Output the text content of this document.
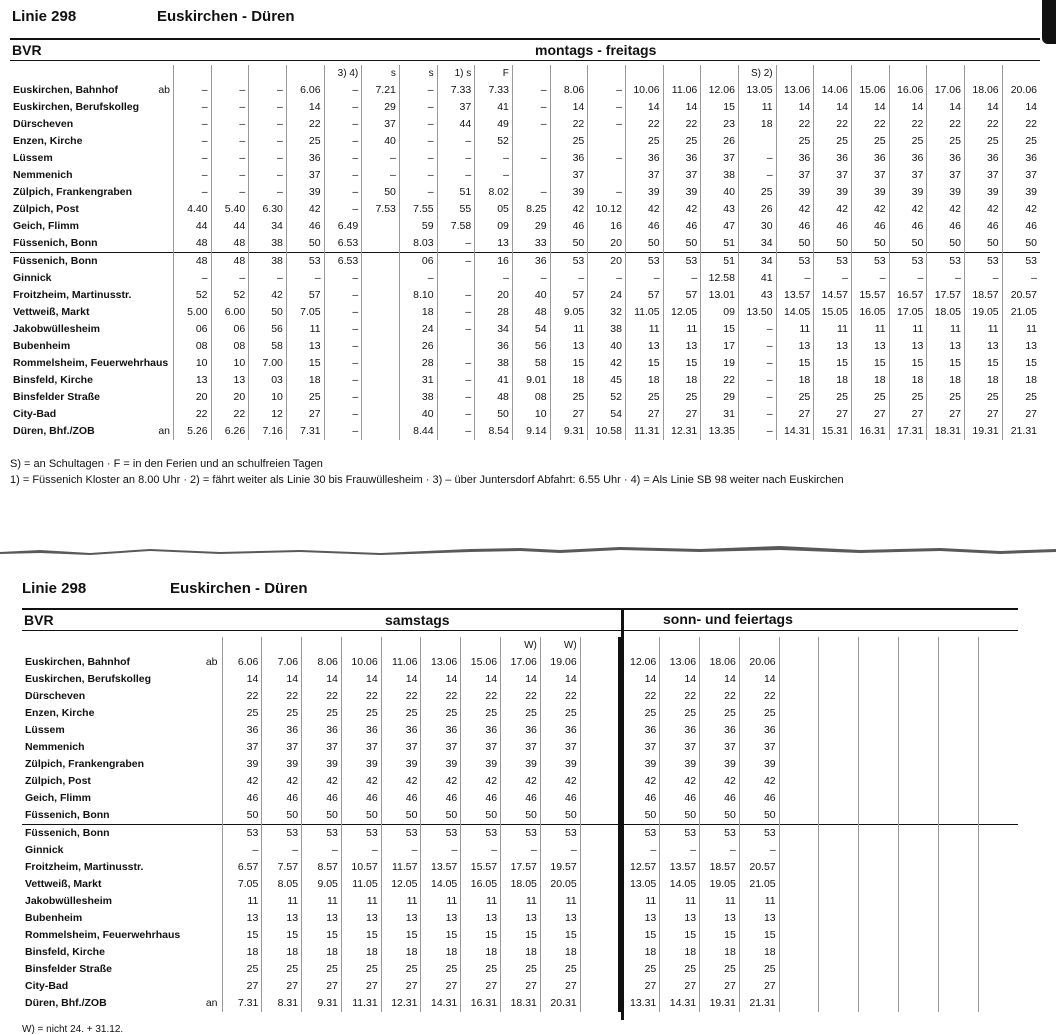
Linie 298	Euskirchen - Düren
BVR	montags - freitags
						3) 4)	s	s	1) s	F							S) 2)							
Euskirchen, Bahnhof	ab	–	–	–	6.06	–	7.21	–	7.33	7.33	–	8.06	–	10.06	11.06	12.06	13.05	13.06	14.06	15.06	16.06	17.06	18.06	20.06
Euskirchen, Berufskolleg		–	–	–	14	–	29	–	37	41	–	14	–	14	14	15	11	14	14	14	14	14	14	14
Dürscheven		–	–	–	22	–	37	–	44	49	–	22	–	22	22	23	18	22	22	22	22	22	22	22
Enzen, Kirche		–	–	–	25	–	40	–	–	52		25		25	25	26		25	25	25	25	25	25	25
Lüssem		–	–	–	36	–	–	–	–	–	–	36	–	36	36	37	–	36	36	36	36	36	36	36
Nemmenich		–	–	–	37	–	–	–	–	–		37		37	37	38	–	37	37	37	37	37	37	37
Zülpich, Frankengraben		–	–	–	39	–	50	–	51	8.02	–	39	–	39	39	40	25	39	39	39	39	39	39	39
Zülpich, Post		4.40	5.40	6.30	42	–	7.53	7.55	55	05	8.25	42	10.12	42	42	43	26	42	42	42	42	42	42	42
Geich, Flimm		44	44	34	46	6.49		59	7.58	09	29	46	16	46	46	47	30	46	46	46	46	46	46	46
Füssenich, Bonn		48	48	38	50	6.53		8.03	–	13	33	50	20	50	50	51	34	50	50	50	50	50	50	50
Füssenich, Bonn		48	48	38	53	6.53		06	–	16	36	53	20	53	53	51	34	53	53	53	53	53	53	53
Ginnick		–	–	–	–	–		–		–	–	–	–	–	–	12.58	41	–	–	–	–	–	–	–
Froitzheim, Martinusstr.		52	52	42	57	–		8.10	–	20	40	57	24	57	57	13.01	43	13.57	14.57	15.57	16.57	17.57	18.57	20.57
Vettweiß, Markt		5.00	6.00	50	7.05	–		18	–	28	48	9.05	32	11.05	12.05	09	13.50	14.05	15.05	16.05	17.05	18.05	19.05	21.05
Jakobwüllesheim		06	06	56	11	–		24	–	34	54	11	38	11	11	15	–	11	11	11	11	11	11	11
Bubenheim		08	08	58	13	–		26		36	56	13	40	13	13	17	–	13	13	13	13	13	13	13
Rommelsheim, Feuerwehrhaus		10	10	7.00	15	–		28	–	38	58	15	42	15	15	19	–	15	15	15	15	15	15	15
Binsfeld, Kirche		13	13	03	18	–		31	–	41	9.01	18	45	18	18	22	–	18	18	18	18	18	18	18
Binsfelder Straße		20	20	10	25	–		38	–	48	08	25	52	25	25	29	–	25	25	25	25	25	25	25
City-Bad		22	22	12	27	–		40	–	50	10	27	54	27	27	31	–	27	27	27	27	27	27	27
Düren, Bhf./ZOB	an	5.26	6.26	7.16	7.31	–		8.44	–	8.54	9.14	9.31	10.58	11.31	12.31	13.35	–	14.31	15.31	16.31	17.31	18.31	19.31	21.31
S) = an Schultagen · F = in den Ferien und an schulfreien Tagen
1) = Füssenich Kloster an 8.00 Uhr · 2) = fährt weiter als Linie 30 bis Frauwüllesheim · 3) – über Juntersdorf Abfahrt: 6.55 Uhr · 4) = Als Linie SB 98 weiter nach Euskirchen
Linie 298	Euskirchen - Düren
BVR	samstags	sonn- und feiertags
									W)	W)											
Euskirchen, Bahnhof	ab	6.06	7.06	8.06	10.06	11.06	13.06	15.06	17.06	19.06		12.06	13.06	18.06	20.06						
Euskirchen, Berufskolleg		14	14	14	14	14	14	14	14	14		14	14	14	14						
Dürscheven		22	22	22	22	22	22	22	22	22		22	22	22	22						
Enzen, Kirche		25	25	25	25	25	25	25	25	25		25	25	25	25						
Lüssem		36	36	36	36	36	36	36	36	36		36	36	36	36						
Nemmenich		37	37	37	37	37	37	37	37	37		37	37	37	37						
Zülpich, Frankengraben		39	39	39	39	39	39	39	39	39		39	39	39	39						
Zülpich, Post		42	42	42	42	42	42	42	42	42		42	42	42	42						
Geich, Flimm		46	46	46	46	46	46	46	46	46		46	46	46	46						
Füssenich, Bonn		50	50	50	50	50	50	50	50	50		50	50	50	50						
Füssenich, Bonn		53	53	53	53	53	53	53	53	53		53	53	53	53						
Ginnick		–	–	–	–	–	–	–	–	–		–	–	–	–						
Froitzheim, Martinusstr.		6.57	7.57	8.57	10.57	11.57	13.57	15.57	17.57	19.57		12.57	13.57	18.57	20.57						
Vettweiß, Markt		7.05	8.05	9.05	11.05	12.05	14.05	16.05	18.05	20.05		13.05	14.05	19.05	21.05						
Jakobwüllesheim		11	11	11	11	11	11	11	11	11		11	11	11	11						
Bubenheim		13	13	13	13	13	13	13	13	13		13	13	13	13						
Rommelsheim, Feuerwehrhaus		15	15	15	15	15	15	15	15	15		15	15	15	15						
Binsfeld, Kirche		18	18	18	18	18	18	18	18	18		18	18	18	18						
Binsfelder Straße		25	25	25	25	25	25	25	25	25		25	25	25	25						
City-Bad		27	27	27	27	27	27	27	27	27		27	27	27	27						
Düren, Bhf./ZOB	an	7.31	8.31	9.31	11.31	12.31	14.31	16.31	18.31	20.31		13.31	14.31	19.31	21.31						
W) = nicht 24. + 31.12.
